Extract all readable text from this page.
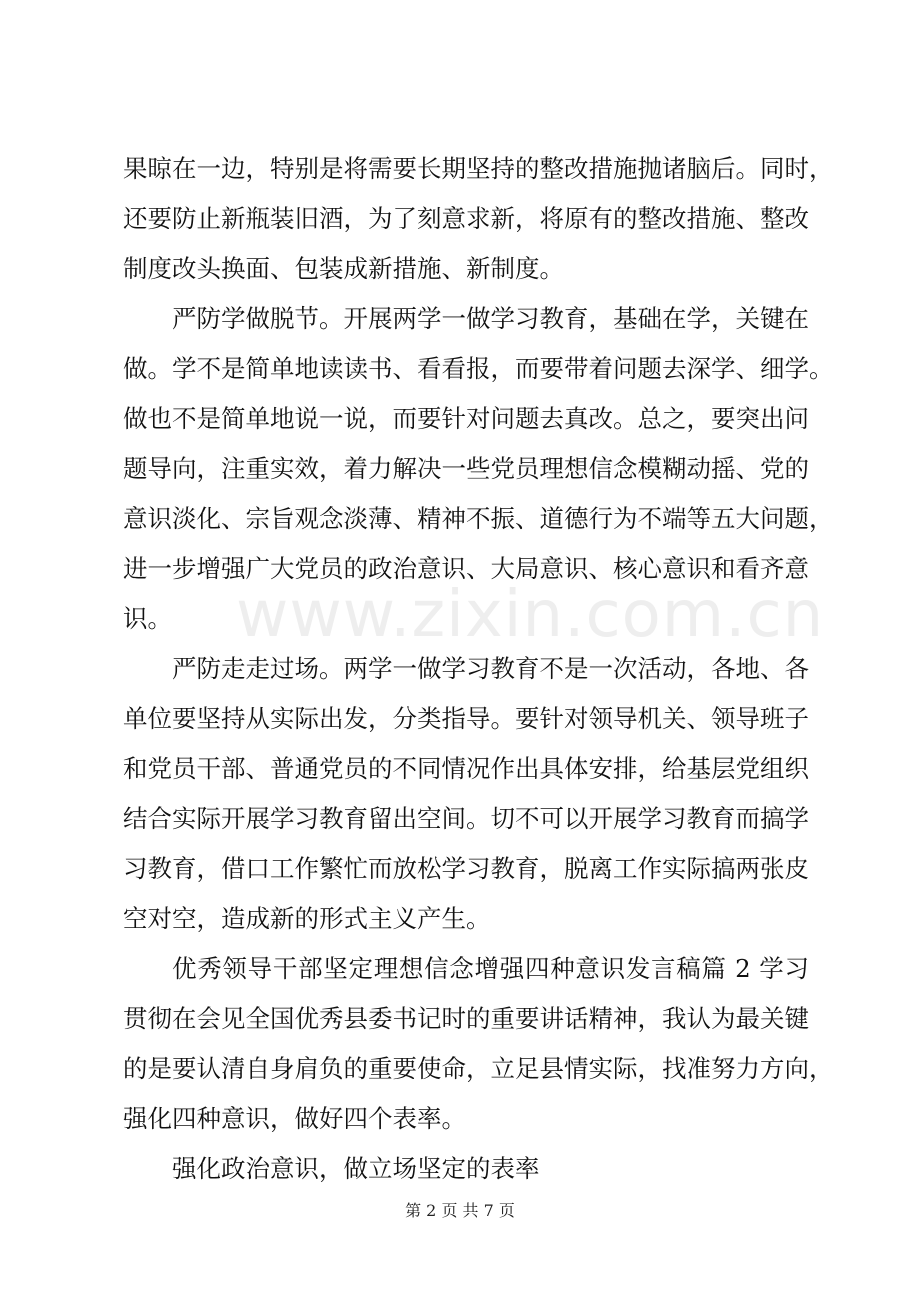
www.zixin.com.cn
果晾在一边，特别是将需要长期坚持的整改措施抛诸脑后。同时，
还要防止新瓶装旧酒，为了刻意求新，将原有的整改措施、整改
制度改头换面、包装成新措施、新制度。
严防学做脱节。开展两学一做学习教育，基础在学，关键在
做。学不是简单地读读书、看看报，而要带着问题去深学、细学。
做也不是简单地说一说，而要针对问题去真改。总之，要突出问
题导向，注重实效，着力解决一些党员理想信念模糊动摇、党的
意识淡化、宗旨观念淡薄、精神不振、道德行为不端等五大问题，
进一步增强广大党员的政治意识、大局意识、核心意识和看齐意
识。
严防走走过场。两学一做学习教育不是一次活动，各地、各
单位要坚持从实际出发，分类指导。要针对领导机关、领导班子
和党员干部、普通党员的不同情况作出具体安排，给基层党组织
结合实际开展学习教育留出空间。切不可以开展学习教育而搞学
习教育，借口工作繁忙而放松学习教育，脱离工作实际搞两张皮
空对空，造成新的形式主义产生。
优秀领导干部坚定理想信念增强四种意识发言稿篇 2 学习
贯彻在会见全国优秀县委书记时的重要讲话精神，我认为最关键
的是要认清自身肩负的重要使命，立足县情实际，找准努力方向，
强化四种意识，做好四个表率。
强化政治意识，做立场坚定的表率
第 2 页 共 7 页
